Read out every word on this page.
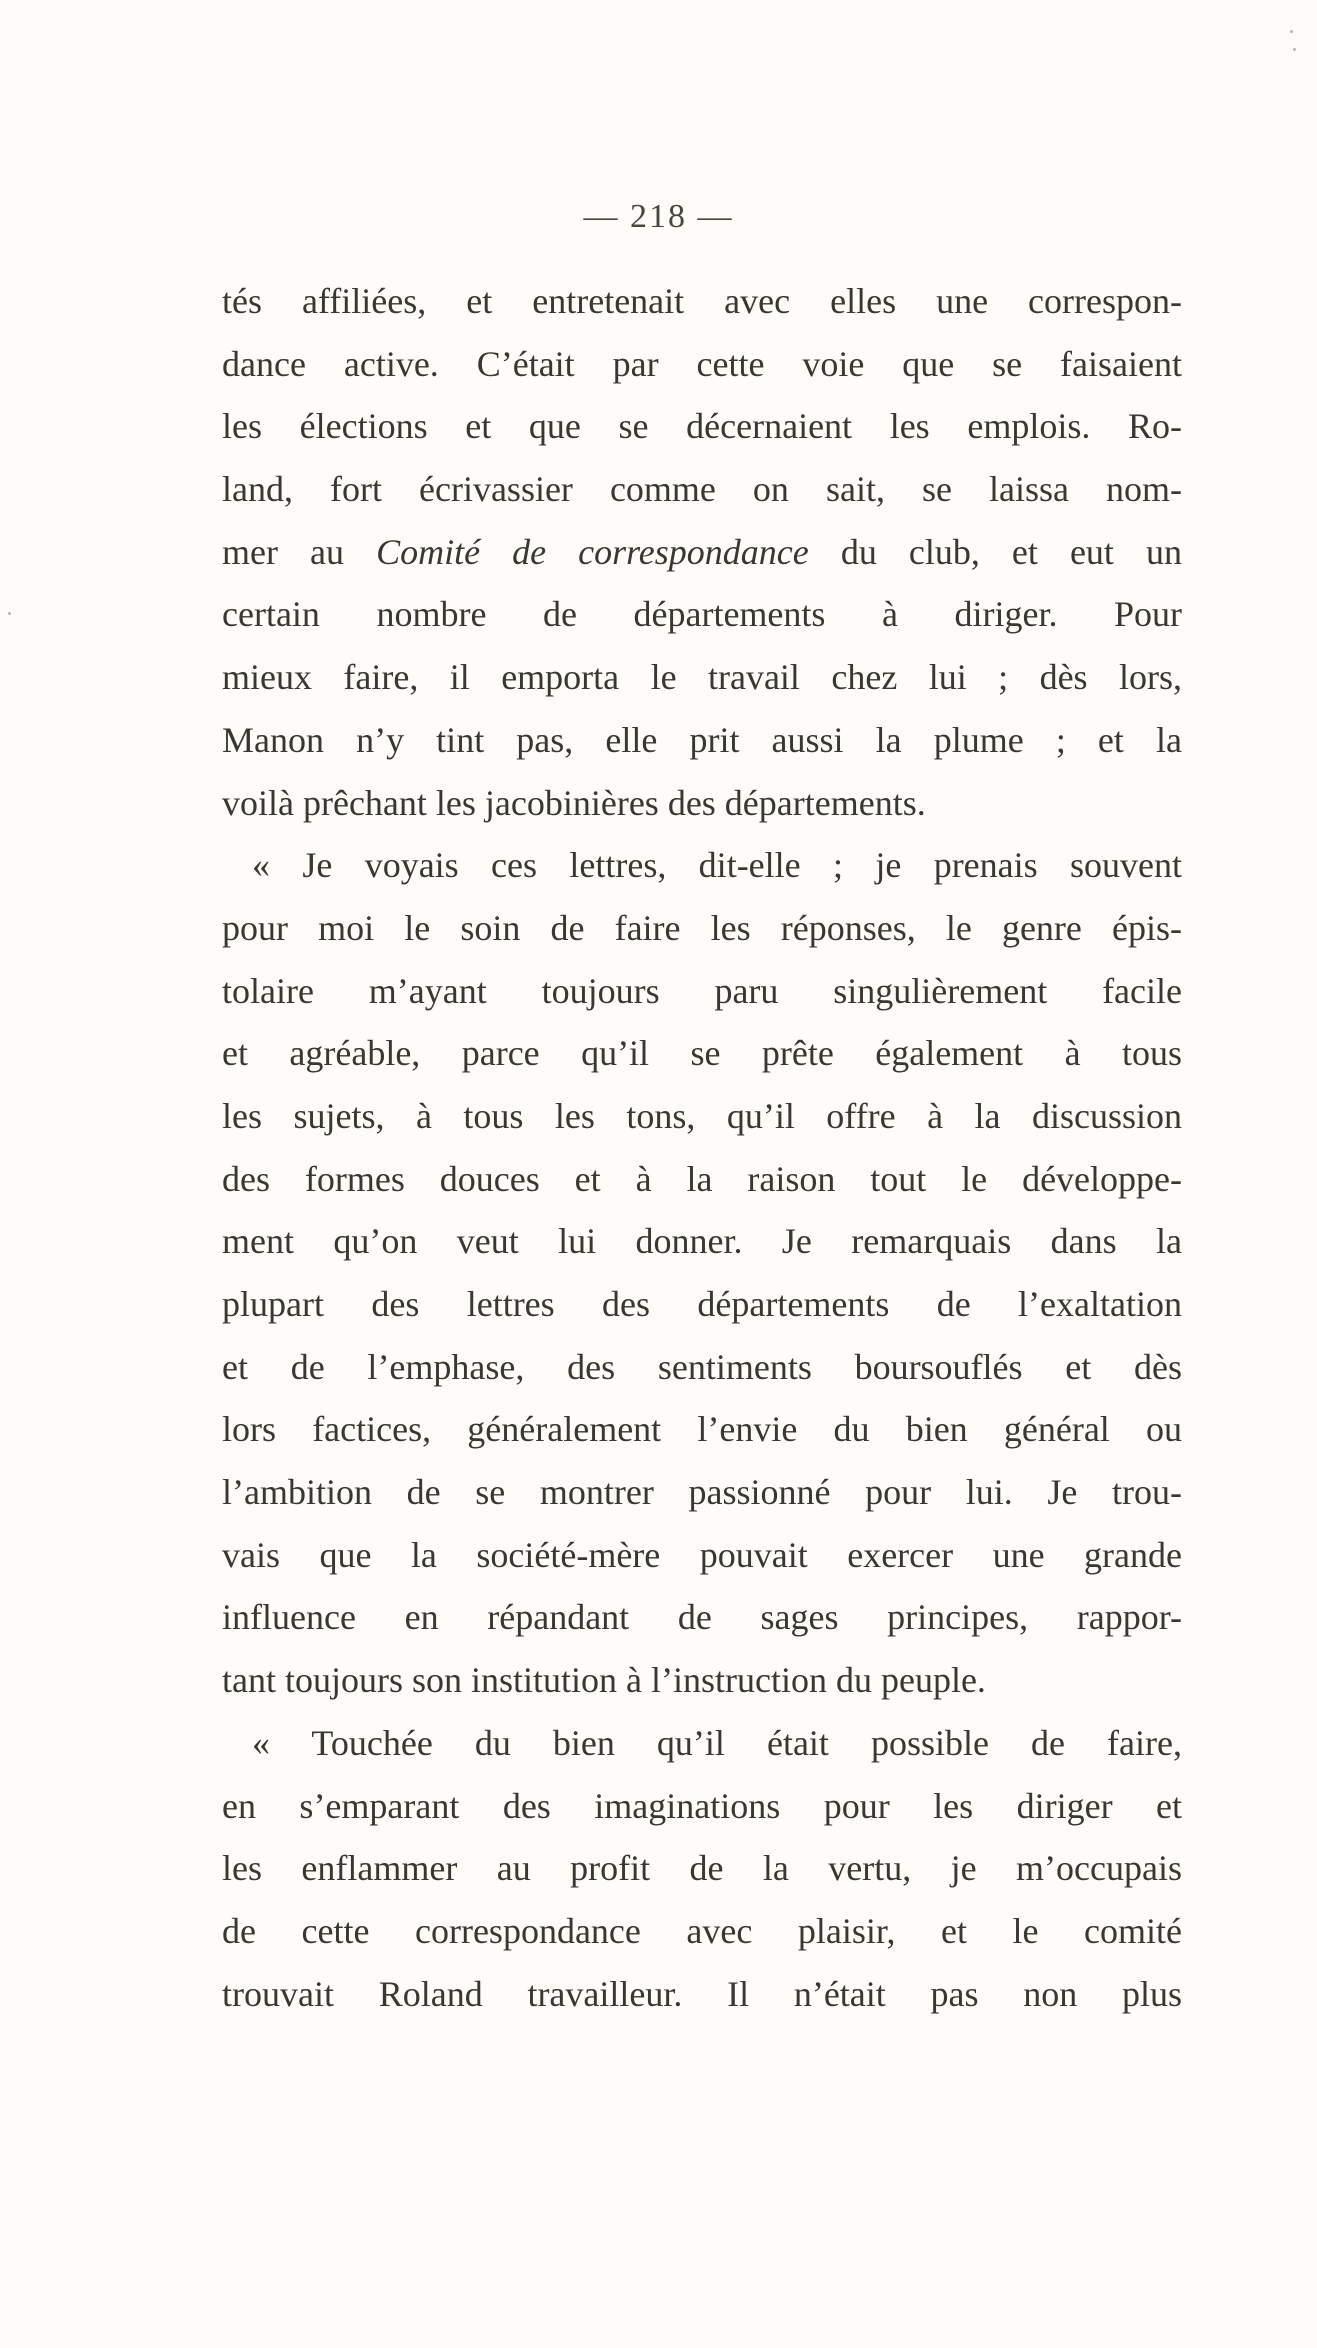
— 218 —
tés affiliées, et entretenait avec elles une correspon-
dance active. C’était par cette voie que se faisaient
les élections et que se décernaient les emplois. Ro-
land, fort écrivassier comme on sait, se laissa nom-
mer au Comité de correspondance du club, et eut un
certain nombre de départements à diriger. Pour
mieux faire, il emporta le travail chez lui ; dès lors,
Manon n’y tint pas, elle prit aussi la plume ; et la
voilà prêchant les jacobinières des départements.
« Je voyais ces lettres, dit-elle ; je prenais souvent
pour moi le soin de faire les réponses, le genre épis-
tolaire m’ayant toujours paru singulièrement facile
et agréable, parce qu’il se prête également à tous
les sujets, à tous les tons, qu’il offre à la discussion
des formes douces et à la raison tout le développe-
ment qu’on veut lui donner. Je remarquais dans la
plupart des lettres des départements de l’exaltation
et de l’emphase, des sentiments boursouflés et dès
lors factices, généralement l’envie du bien général ou
l’ambition de se montrer passionné pour lui. Je trou-
vais que la société-mère pouvait exercer une grande
influence en répandant de sages principes, rappor-
tant toujours son institution à l’instruction du peuple.
« Touchée du bien qu’il était possible de faire,
en s’emparant des imaginations pour les diriger et
les enflammer au profit de la vertu, je m’occupais
de cette correspondance avec plaisir, et le comité
trouvait Roland travailleur. Il n’était pas non plus
